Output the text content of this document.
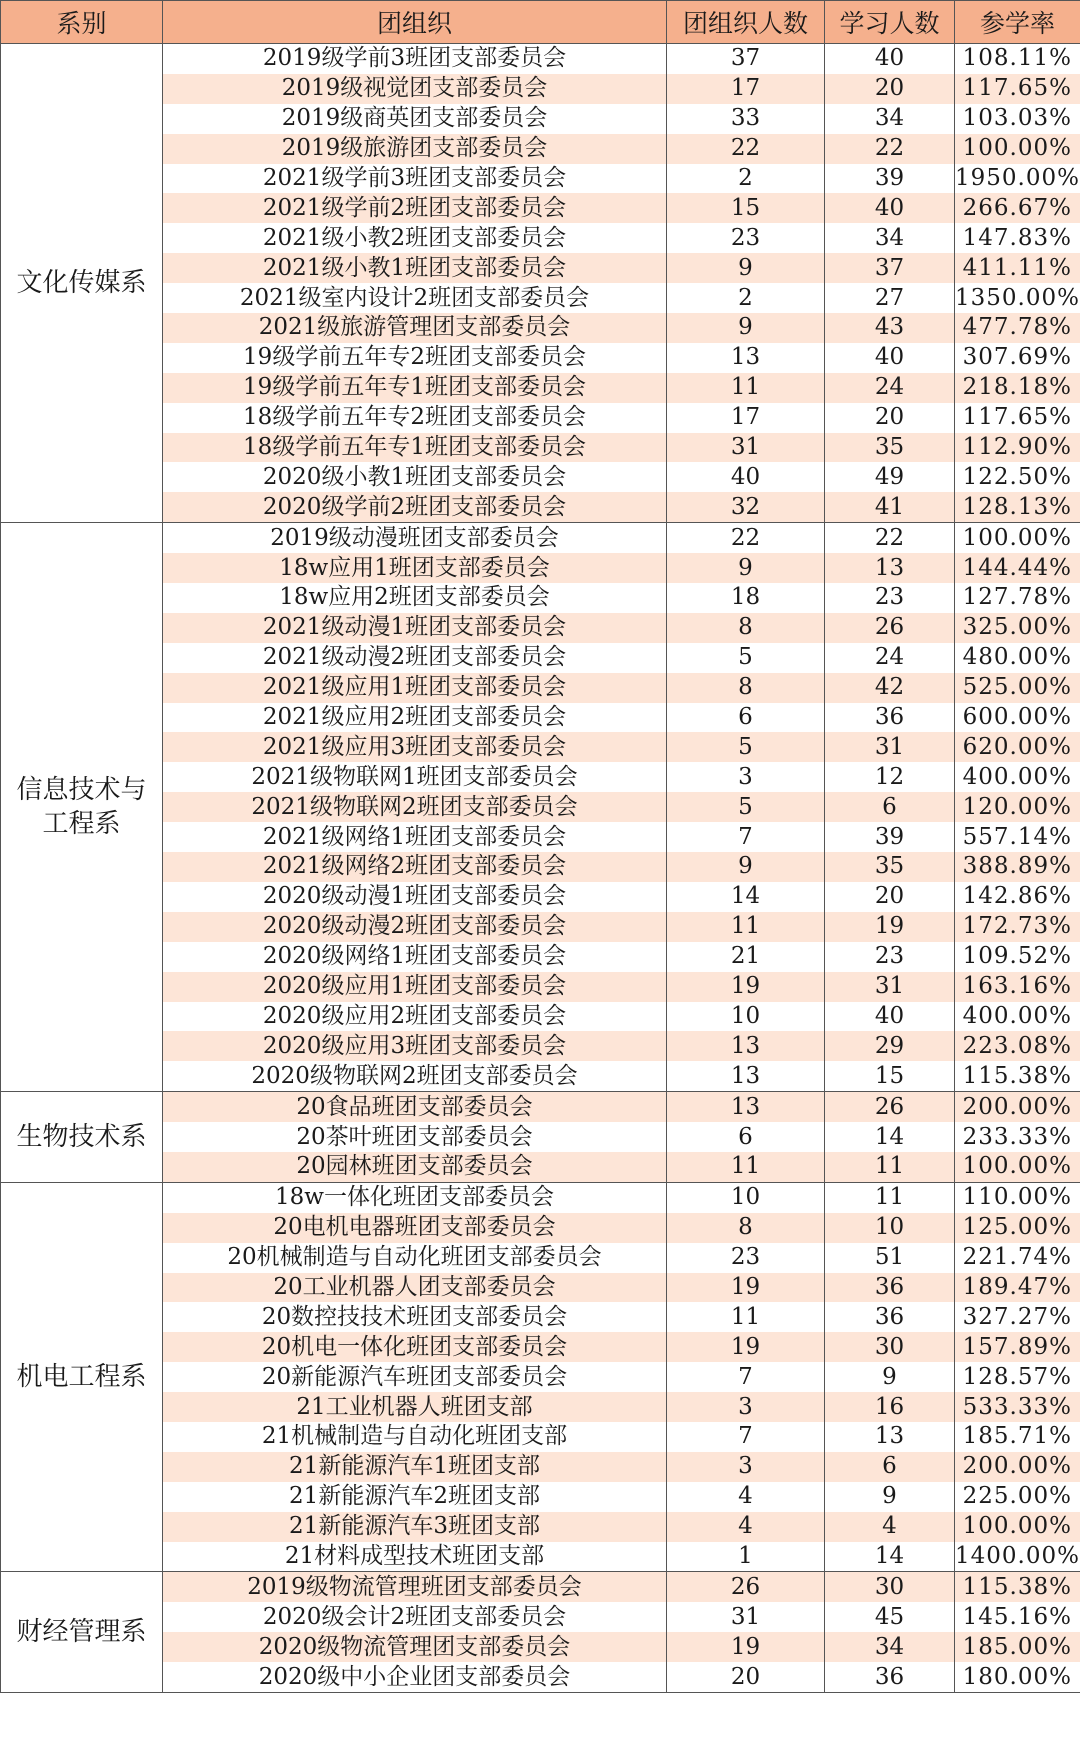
系别	团组织	团组织人数	学习人数	参学率
文化传媒系	2019级学前3班团支部委员会	37	40	108.11%
	2019级视觉团支部委员会	17	20	117.65%
	2019级商英团支部委员会	33	34	103.03%
	2019级旅游团支部委员会	22	22	100.00%
	2021级学前3班团支部委员会	2	39	1950.00%
	2021级学前2班团支部委员会	15	40	266.67%
	2021级小教2班团支部委员会	23	34	147.83%
	2021级小教1班团支部委员会	9	37	411.11%
	2021级室内设计2班团支部委员会	2	27	1350.00%
	2021级旅游管理团支部委员会	9	43	477.78%
	19级学前五年专2班团支部委员会	13	40	307.69%
	19级学前五年专1班团支部委员会	11	24	218.18%
	18级学前五年专2班团支部委员会	17	20	117.65%
	18级学前五年专1班团支部委员会	31	35	112.90%
	2020级小教1班团支部委员会	40	49	122.50%
	2020级学前2班团支部委员会	32	41	128.13%
信息技术与工程系	2019级动漫班团支部委员会	22	22	100.00%
	18w应用1班团支部委员会	9	13	144.44%
	18w应用2班团支部委员会	18	23	127.78%
	2021级动漫1班团支部委员会	8	26	325.00%
	2021级动漫2班团支部委员会	5	24	480.00%
	2021级应用1班团支部委员会	8	42	525.00%
	2021级应用2班团支部委员会	6	36	600.00%
	2021级应用3班团支部委员会	5	31	620.00%
	2021级物联网1班团支部委员会	3	12	400.00%
	2021级物联网2班团支部委员会	5	6	120.00%
	2021级网络1班团支部委员会	7	39	557.14%
	2021级网络2班团支部委员会	9	35	388.89%
	2020级动漫1班团支部委员会	14	20	142.86%
	2020级动漫2班团支部委员会	11	19	172.73%
	2020级网络1班团支部委员会	21	23	109.52%
	2020级应用1班团支部委员会	19	31	163.16%
	2020级应用2班团支部委员会	10	40	400.00%
	2020级应用3班团支部委员会	13	29	223.08%
	2020级物联网2班团支部委员会	13	15	115.38%
生物技术系	20食品班团支部委员会	13	26	200.00%
	20茶叶班团支部委员会	6	14	233.33%
	20园林班团支部委员会	11	11	100.00%
机电工程系	18w一体化班团支部委员会	10	11	110.00%
	20电机电器班团支部委员会	8	10	125.00%
	20机械制造与自动化班团支部委员会	23	51	221.74%
	20工业机器人团支部委员会	19	36	189.47%
	20数控技技术班团支部委员会	11	36	327.27%
	20机电一体化班团支部委员会	19	30	157.89%
	20新能源汽车班团支部委员会	7	9	128.57%
	21工业机器人班团支部	3	16	533.33%
	21机械制造与自动化班团支部	7	13	185.71%
	21新能源汽车1班团支部	3	6	200.00%
	21新能源汽车2班团支部	4	9	225.00%
	21新能源汽车3班团支部	4	4	100.00%
	21材料成型技术班团支部	1	14	1400.00%
财经管理系	2019级物流管理班团支部委员会	26	30	115.38%
	2020级会计2班团支部委员会	31	45	145.16%
	2020级物流管理团支部委员会	19	34	185.00%
	2020级中小企业团支部委员会	20	36	180.00%
